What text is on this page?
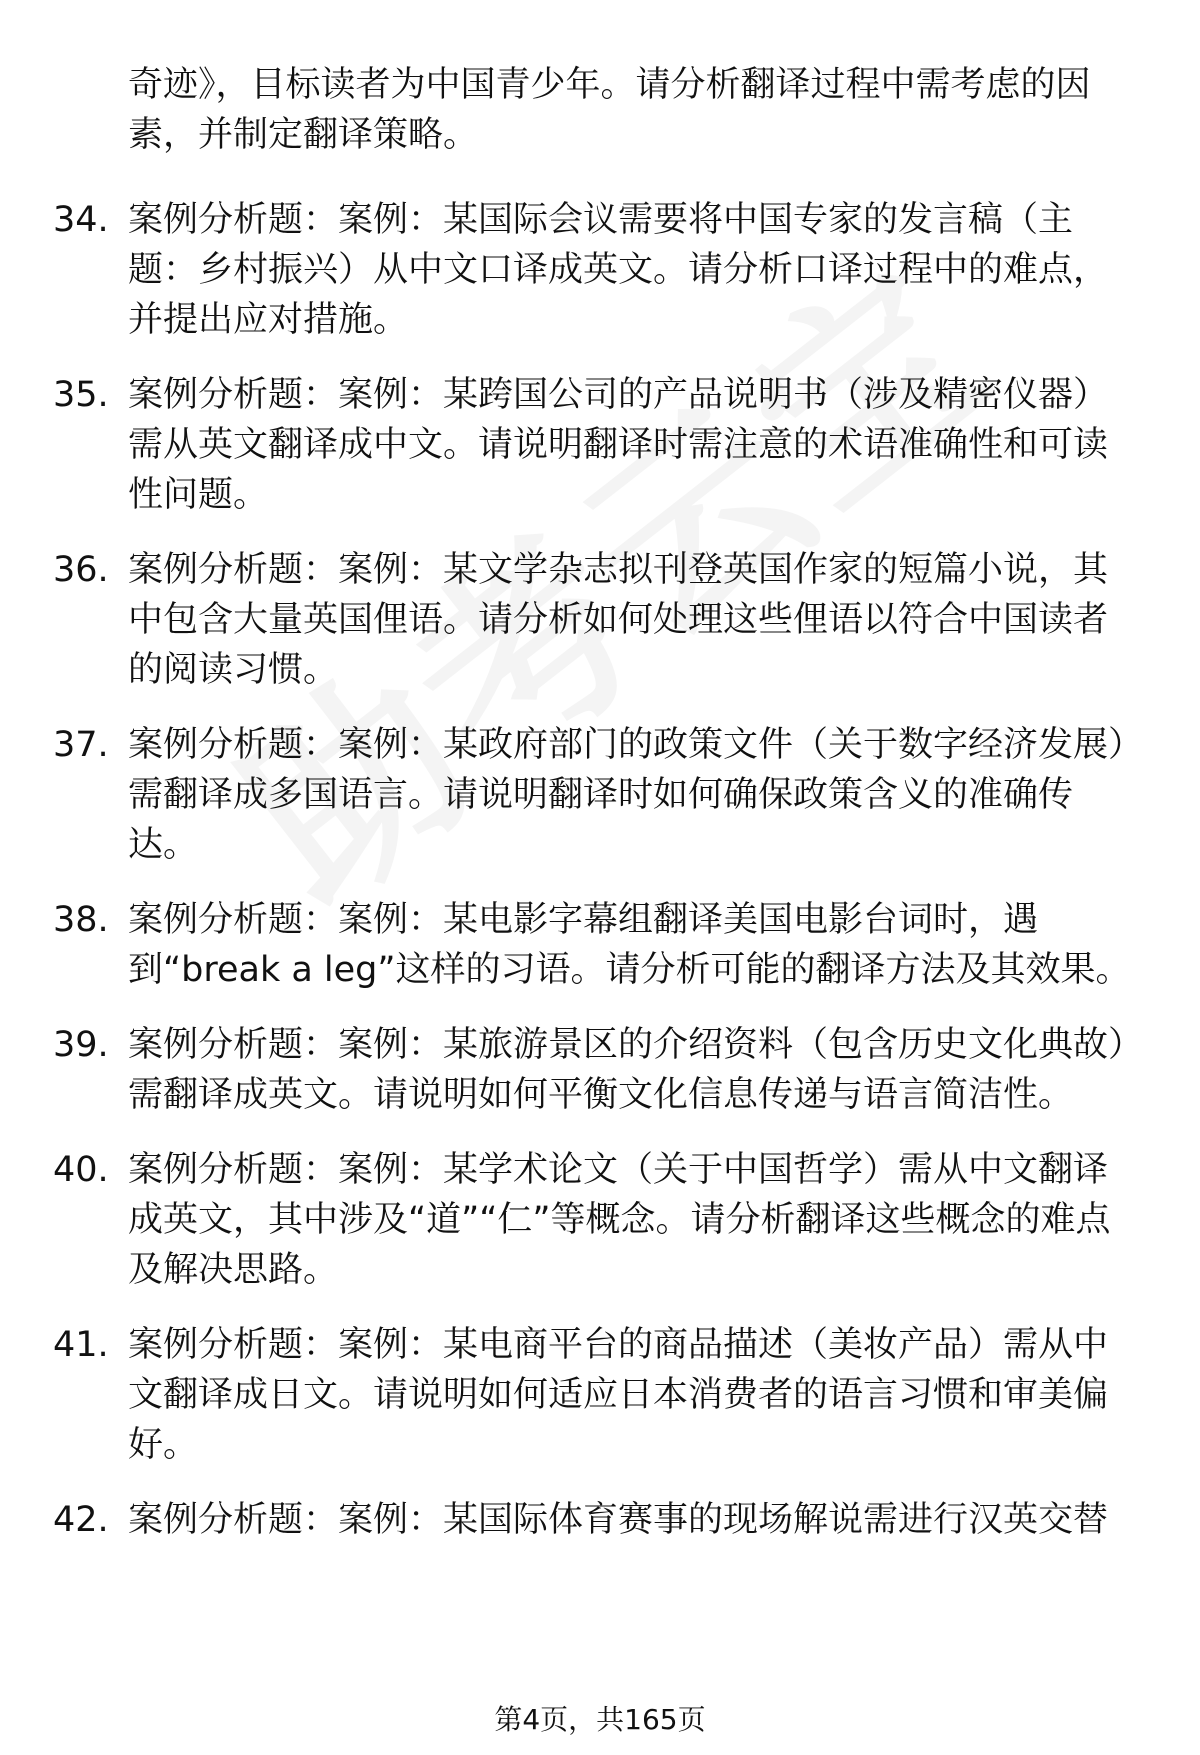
奇迹》，目标读者为中国青少年。请分析翻译过程中需考虑的因素，并制定翻译策略。
34. 案例分析题：案例：某国际会议需要将中国专家的发言稿（主题：乡村振兴）从中文口译成英文。请分析口译过程中的难点，并提出应对措施。
35. 案例分析题：案例：某跨国公司的产品说明书（涉及精密仪器）需从英文翻译成中文。请说明翻译时需注意的术语准确性和可读性问题。
36. 案例分析题：案例：某文学杂志拟刊登英国作家的短篇小说，其中包含大量英国俚语。请分析如何处理这些俚语以符合中国读者的阅读习惯。
37. 案例分析题：案例：某政府部门的政策文件（关于数字经济发展）需翻译成多国语言。请说明翻译时如何确保政策含义的准确传达。
38. 案例分析题：案例：某电影字幕组翻译美国电影台词时，遇到“break a leg”这样的习语。请分析可能的翻译方法及其效果。
39. 案例分析题：案例：某旅游景区的介绍资料（包含历史文化典故）需翻译成英文。请说明如何平衡文化信息传递与语言简洁性。
40. 案例分析题：案例：某学术论文（关于中国哲学）需从中文翻译成英文，其中涉及“道”“仁”等概念。请分析翻译这些概念的难点及解决思路。
41. 案例分析题：案例：某电商平台的商品描述（美妆产品）需从中文翻译成日文。请说明如何适应日本消费者的语言习惯和审美偏好。
42. 案例分析题：案例：某国际体育赛事的现场解说需进行汉英交替
第4页，共165页
